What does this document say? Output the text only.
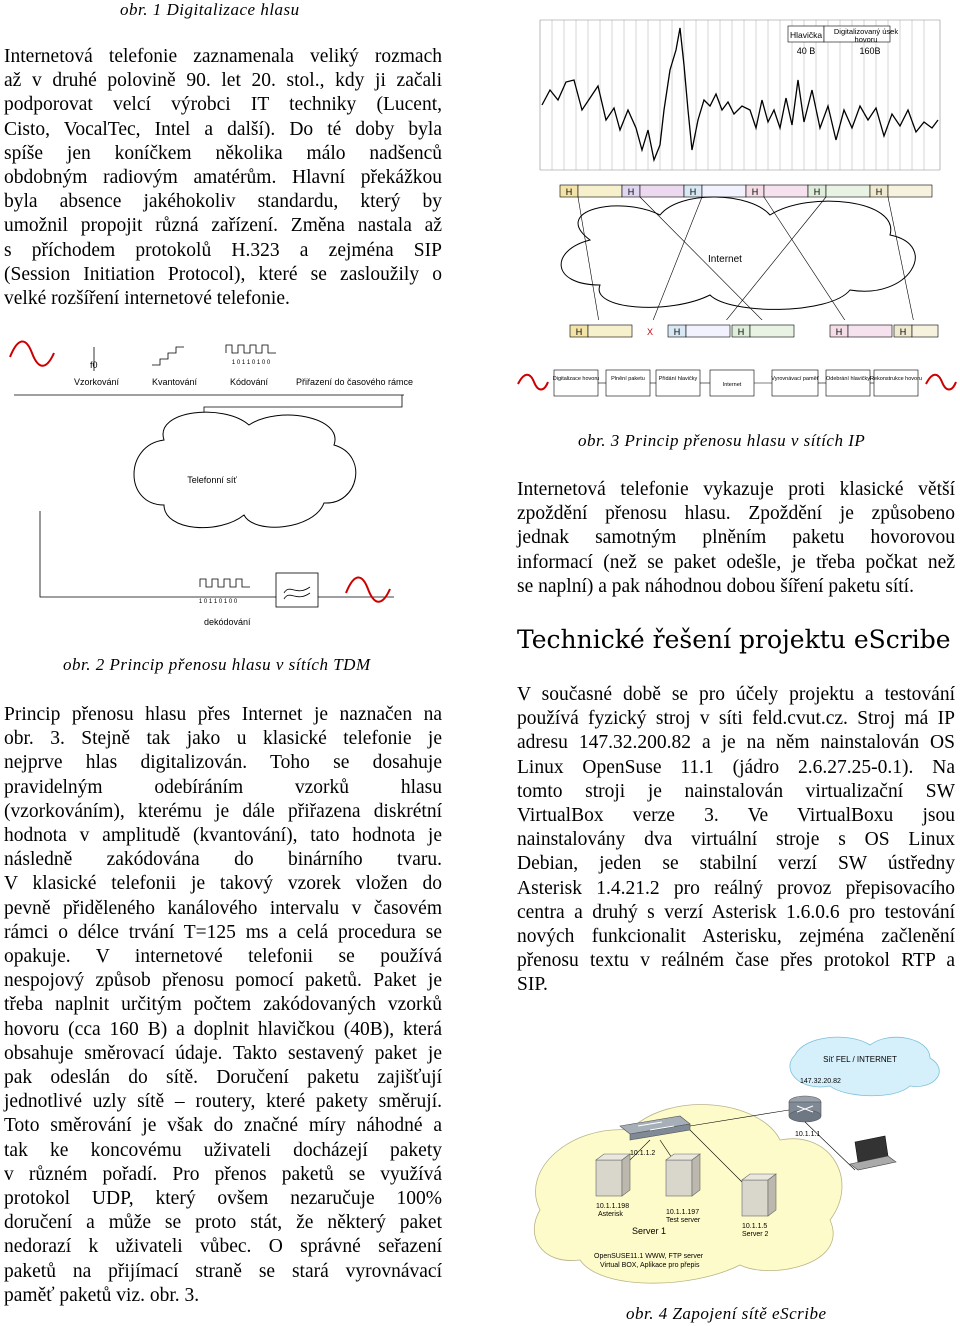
obr. 1 Digitalizace hlasu
Internetová telefonie zaznamenala veliký rozmach
až v druhé polovině 90. let 20. stol., kdy ji začali
podporovat velcí výrobci IT techniky (Lucent,
Cisto, VocalTec, Intel a další). Do té doby byla
spíše jen koníčkem několika málo nadšenců
obdobným radiovým amatérům. Hlavní překážkou
byla absence jakéhokoliv standardu, který by
umožnil propojit různá zařízení. Změna nastala až
s příchodem protokolů H.323 a zejména SIP
(Session Initiation Protocol), které se zasloužily o
velké rozšíření internetové telefonie.
Hlavička Digitalizovaný úsek
hovoru
40 B	160B
H	H	H	H	H	H
Internet
H	X H	H	H	H
f0	1 0 1 1 0 1 0 0
Vzorkování	Kvantování	Kódování	Přiřazení do časového rámce
Telefonní síť
1 0 1 1 0 1 0 0
dekódování
Digitalizace hovoru Plnění paketu	Přidání hlavičky
Internet
Vyrovnávací paměť Odebrání hlavičky Rekonstrukce hovoru
obr. 3 Princip přenosu hlasu v sítích IP
Internetová telefonie vykazuje proti klasické větší
zpoždění přenosu hlasu. Zpoždění je způsobeno
jednak samotným plněním paketu hovorovou
informací (než se paket odešle, je třeba počkat než
se naplní) a pak náhodnou dobou šíření paketu sítí.
Technické řešení projektu eScribe
V současné době se pro účely projektu a testování
používá fyzický stroj v síti feld.cvut.cz. Stroj má IP
adresu 147.32.200.82 a je na něm nainstalován OS
Linux OpenSuse 11.1 (jádro 2.6.27.25-0.1). Na
tomto stroji je nainstalován virtualizační SW
VirtualBox verze 3. Ve VirtualBoxu jsou
nainstalovány dva virtuální stroje s OS Linux
Debian, jeden se stabilní verzí SW ústředny
Asterisk 1.4.21.2 pro reálný provoz přepisovacího
centra a druhý s verzí Asterisk 1.6.0.6 pro testování
nových funkcionalit Asterisku, zejména začlenění
přenosu textu v reálném čase přes protokol RTP a
SIP.
obr. 2 Princip přenosu hlasu v sítích TDM
Princip přenosu hlasu přes Internet je naznačen na
obr. 3. Stejně tak jako u klasické telefonie je
nejprve hlas digitalizován. Toho se dosahuje
pravidelným odebíráním vzorků hlasu
(vzorkováním), kterému je dále přiřazena diskrétní
hodnota v amplitudě (kvantování), tato hodnota je
následně zakódována do binárního tvaru.
V klasické telefonii je takový vzorek vložen do
pevně přiděleného kanálového intervalu v časovém
rámci o délce trvání T=125 ms a celá procedura se
opakuje. V internetové telefonii se používá
nespojový způsob přenosu pomocí paketů. Paket je
třeba naplnit určitým počtem zakódovaných vzorků
hovoru (cca 160 B) a doplnit hlavičkou (40B), která
obsahuje směrovací údaje. Takto sestavený paket je
pak odeslán do sítě. Doručení paketu zajišťují
jednotlivé uzly sítě – routery, které pakety směrují.
Toto směrování je však do značné míry náhodné a
tak ke koncovému uživateli docházejí pakety
v různém pořadí. Pro přenos paketů se využívá
protokol UDP, který ovšem nezaručuje 100%
doručení a může se proto stát, že některý paket
nedorazí k uživateli vůbec. O správné seřazení
paketů na přijímací straně se stará vyrovnávací
paměť paketů viz. obr. 3.
Síť FEL / INTERNET
147.32.20.82
10.1.1.1
10.1.1.2
10.1.1.198
Asterisk	10.1.1.197
Test server
Server 1	10.1.1.5
Server 2
OpenSUSE11.1 WWW, FTP server
Virtual BOX, Aplikace pro přepis
obr. 4 Zapojení sítě eScribe
